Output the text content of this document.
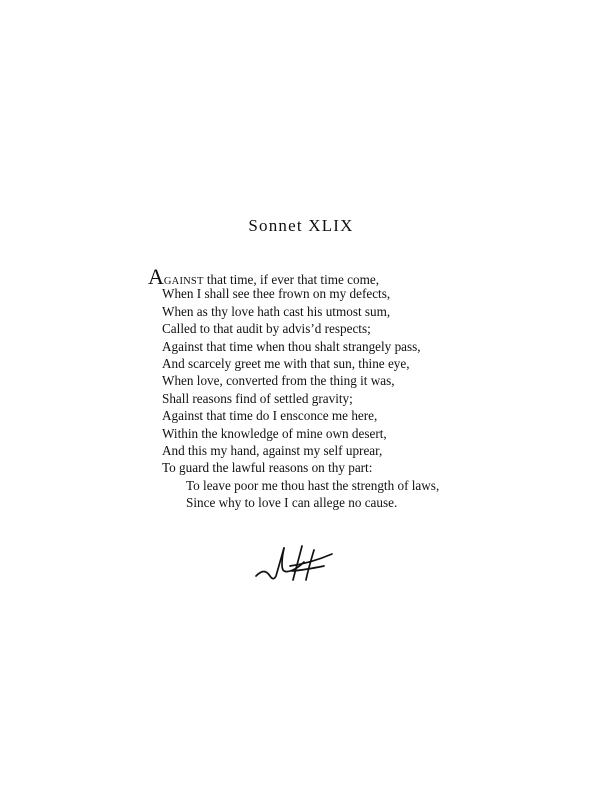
Sonnet XLIX
AGAINST that time, if ever that time come,
When I shall see thee frown on my defects,
When as thy love hath cast his utmost sum,
Called to that audit by advis’d respects;
Against that time when thou shalt strangely pass,
And scarcely greet me with that sun, thine eye,
When love, converted from the thing it was,
Shall reasons find of settled gravity;
Against that time do I ensconce me here,
Within the knowledge of mine own desert,
And this my hand, against my self uprear,
To guard the lawful reasons on thy part:
To leave poor me thou hast the strength of laws,
Since why to love I can allege no cause.
